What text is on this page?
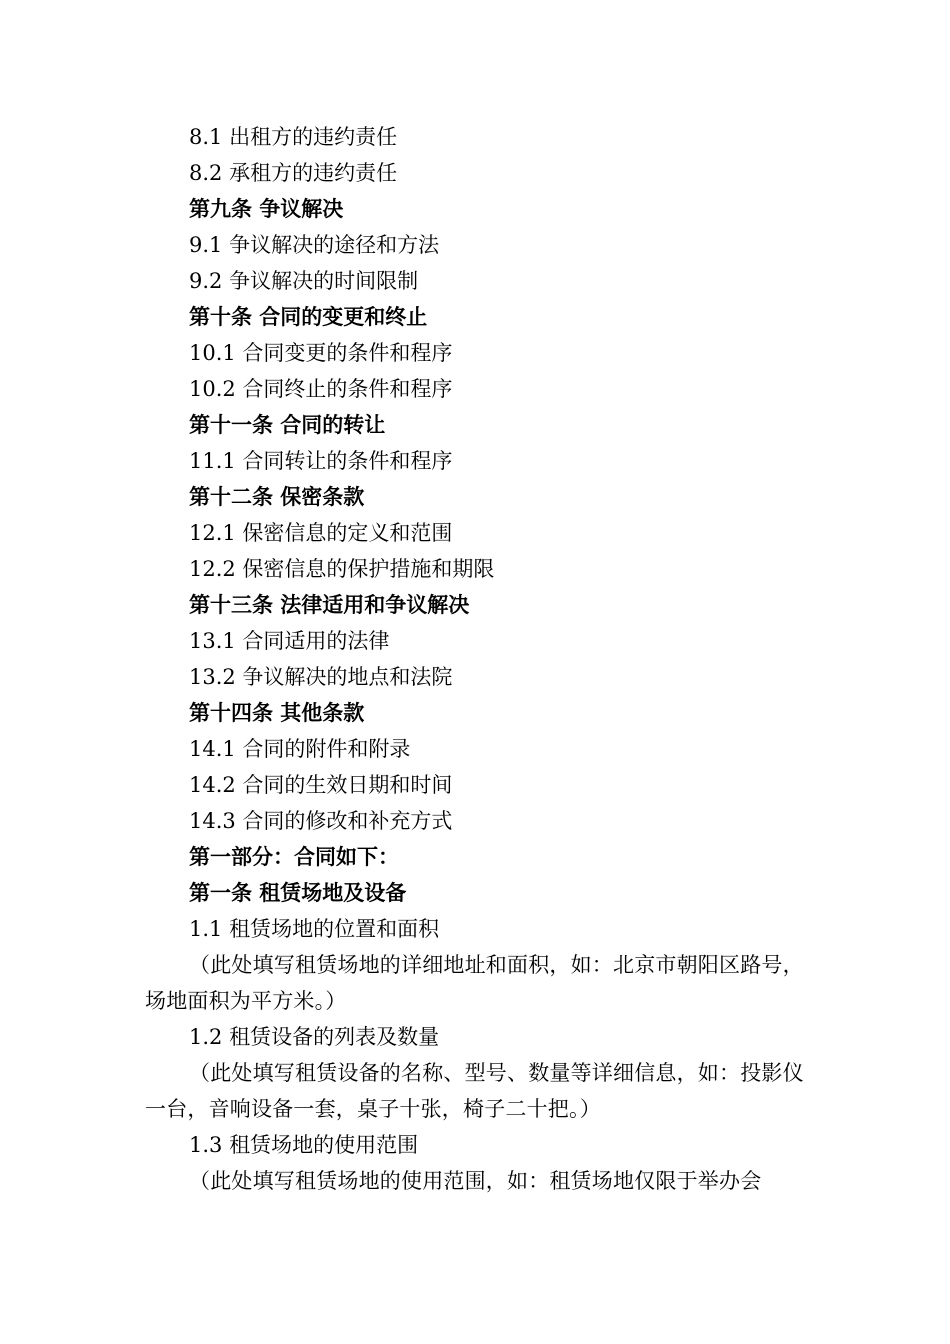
8.1 出租方的违约责任
8.2 承租方的违约责任
第九条 争议解决
9.1 争议解决的途径和方法
9.2 争议解决的时间限制
第十条 合同的变更和终止
10.1 合同变更的条件和程序
10.2 合同终止的条件和程序
第十一条 合同的转让
11.1 合同转让的条件和程序
第十二条 保密条款
12.1 保密信息的定义和范围
12.2 保密信息的保护措施和期限
第十三条 法律适用和争议解决
13.1 合同适用的法律
13.2 争议解决的地点和法院
第十四条 其他条款
14.1 合同的附件和附录
14.2 合同的生效日期和时间
14.3 合同的修改和补充方式
第一部分：合同如下：
第一条 租赁场地及设备
1.1 租赁场地的位置和面积

（此处填写租赁场地的详细地址和面积，如：北京市朝阳区路号，场地面积为平方米。）

1.2 租赁设备的列表及数量

（此处填写租赁设备的名称、型号、数量等详细信息，如：投影仪一台，音响设备一套，桌子十张，椅子二十把。）

1.3 租赁场地的使用范围

（此处填写租赁场地的使用范围，如：租赁场地仅限于举办会
